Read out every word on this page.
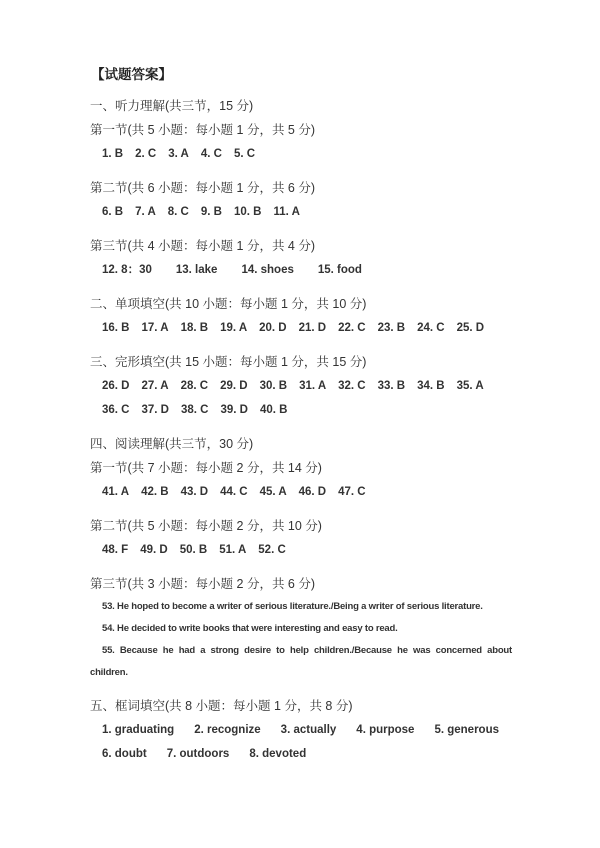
【试题答案】

一、听力理解(共三节，15 分)

第一节(共 5 小题：每小题 1 分，共 5 分)

1. B 2. C 3. A 4. C 5. C

第二节(共 6 小题：每小题 1 分，共 6 分)

6. B 7. A 8. C 9. B 10. B 11. A

第三节(共 4 小题：每小题 1 分，共 4 分)

12. 8：30 13. lake 14. shoes 15. food

二、单项填空(共 10 小题：每小题 1 分，共 10 分)

16. B 17. A 18. B 19. A 20. D 21. D 22. C 23. B 24. C 25. D

三、完形填空(共 15 小题：每小题 1 分，共 15 分)

26. D 27. A 28. C 29. D 30. B 31. A 32. C 33. B 34. B 35. A
36. C 37. D 38. C 39. D 40. B

四、阅读理解(共三节，30 分)

第一节(共 7 小题：每小题 2 分，共 14 分)

41. A 42. B 43. D 44. C 45. A 46. D 47. C

第二节(共 5 小题：每小题 2 分，共 10 分)

48. F 49. D 50. B 51. A 52. C

第三节(共 3 小题：每小题 2 分，共 6 分)

53. He hoped to become a writer of serious literature./Being a writer of serious literature.

54. He decided to write books that were interesting and easy to read.

55. Because he had a strong desire to help children./Because he was concerned about children.

五、框词填空(共 8 小题：每小题 1 分，共 8 分)

1. graduating 2. recognize 3. actually 4. purpose 5. generous
6. doubt 7. outdoors 8. devoted
